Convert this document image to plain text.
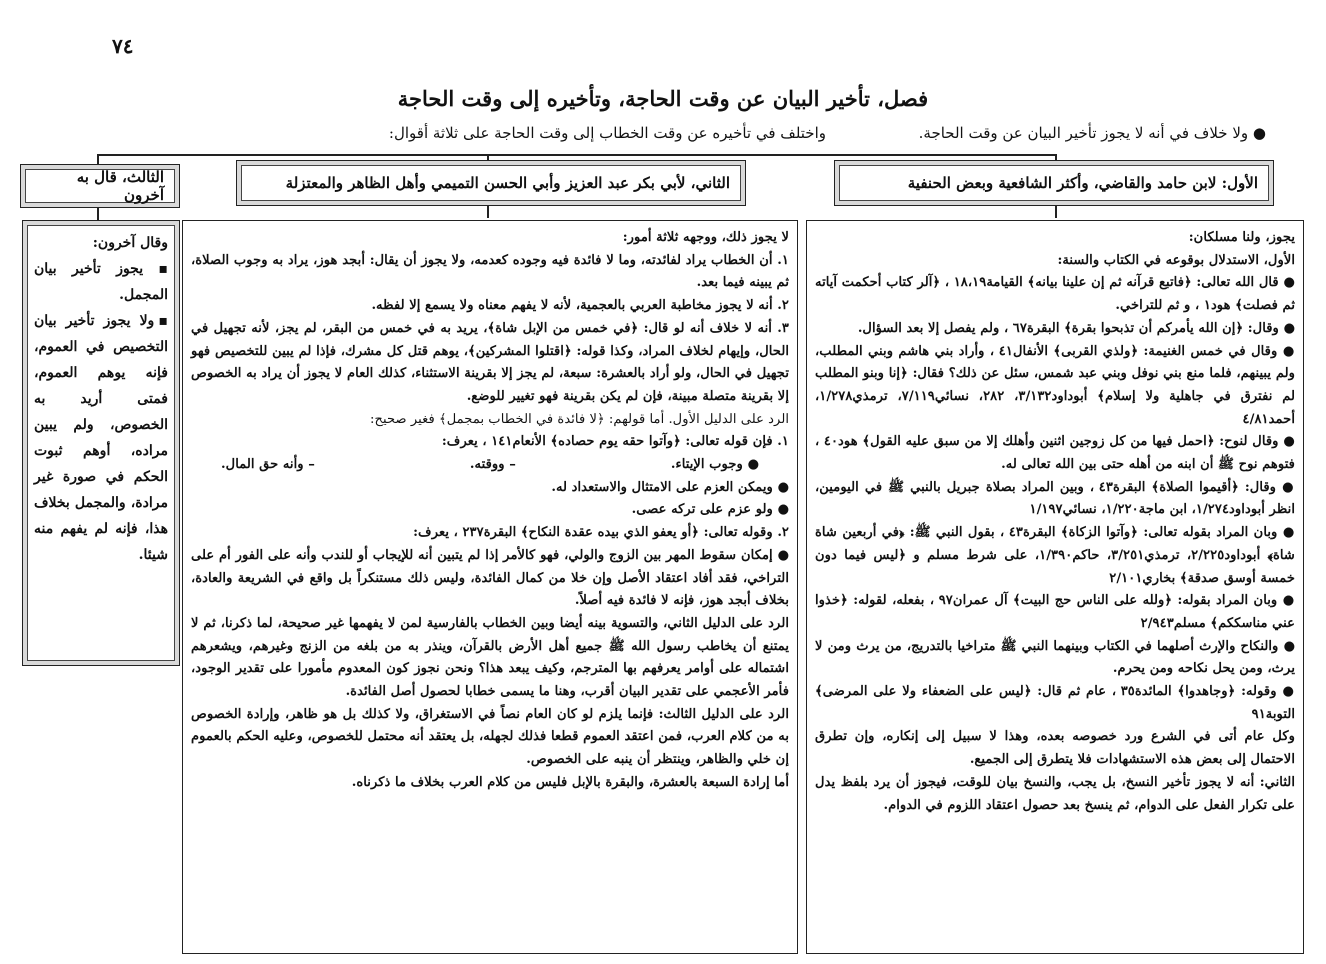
٧٤
فصل، تأخير البيان عن وقت الحاجة، وتأخيره إلى وقت الحاجة
● ولا خلاف في أنه لا يجوز تأخير البيان عن وقت الحاجة.
واختلف في تأخيره عن وقت الخطاب إلى وقت الحاجة على ثلاثة أقوال:
الثالث، قال به آخرون
الثاني، لأبي بكر عبد العزيز وأبي الحسن التميمي وأهل الظاهر والمعتزلة	الأول: لابن حامد والقاضي، وأكثر الشافعية وبعض الحنفية

وقال آخرون:

▪ يجوز تأخير بيان المجمل.

▪ولا يجوز تأخير بيان التخصيص في العموم، فإنه يوهم العموم، فمتى أريد به الخصوص، ولم يبين مراده، أوهم ثبوت الحكم في صورة غير مرادة، والمجمل بخلاف هذا، فإنه لم يفهم منه شيئا.

لا يجوز ذلك، ووجهه ثلاثة أمور:

١. أن الخطاب يراد لفائدته، وما لا فائدة فيه وجوده كعدمه، ولا يجوز أن يقال: أبجد هوز، يراد به وجوب الصلاة، ثم يبينه فيما بعد.

٢. أنه لا يجوز مخاطبة العربي بالعجمية، لأنه لا يفهم معناه ولا يسمع إلا لفظه.

٣. أنه لا خلاف أنه لو قال: ﴿في خمس من الإبل شاة﴾، يريد به في خمس من البقر، لم يجز، لأنه تجهيل في الحال، وإيهام لخلاف المراد، وكذا قوله: ﴿اقتلوا المشركين﴾، يوهم قتل كل مشرك، فإذا لم يبين للتخصيص فهو تجهيل في الحال، ولو أراد بالعشرة: سبعة، لم يجز إلا بقرينة الاستثناء، كذلك العام لا يجوز أن يراد به الخصوص إلا بقرينة متصلة مبينة، فإن لم يكن بقرينة فهو تغيير للوضع.

الرد على الدليل الأول. أما قولهم: ﴿لا فائدة في الخطاب بمجمل﴾ فغير صحيح:

١. فإن قوله تعالى: ﴿وآتوا حقه يوم حصاده﴾ الأنعام١٤١ ، يعرف:

● وجوب الإيتاء.
– ووقته.
– وأنه حق المال.

● ويمكن العزم على الامتثال والاستعداد له.

● ولو عزم على تركه عصى.

٢. وقوله تعالى: ﴿أو يعفو الذي بيده عقدة النكاح﴾ البقرة٢٣٧ ، يعرف:

● إمكان سقوط المهر بين الزوج والولي، فهو كالأمر إذا لم يتبين أنه للإيجاب أو للندب وأنه على الفور أم على التراخي، فقد أفاد اعتقاد الأصل وإن خلا من كمال الفائدة، وليس ذلك مستنكراً بل واقع في الشريعة والعادة، بخلاف أبجد هوز، فإنه لا فائدة فيه أصلاً.

الرد على الدليل الثاني، والتسوية بينه أيضا وبين الخطاب بالفارسية لمن لا يفهمها غير صحيحة، لما ذكرنا، ثم لا يمتنع أن يخاطب رسول الله ﷺ جميع أهل الأرض بالقرآن، وينذر به من بلغه من الزنج وغيرهم، ويشعرهم اشتماله على أوامر يعرفهم بها المترجم، وكيف يبعد هذا؟ ونحن نجوز كون المعدوم مأمورا على تقدير الوجود، فأمر الأعجمي على تقدير البيان أقرب، وهنا ما يسمى خطابا لحصول أصل الفائدة.

الرد على الدليل الثالث: فإنما يلزم لو كان العام نصاً في الاستغراق، ولا كذلك بل هو ظاهر، وإرادة الخصوص به من كلام العرب، فمن اعتقد العموم قطعا فذلك لجهله، بل يعتقد أنه محتمل للخصوص، وعليه الحكم بالعموم إن خلي والظاهر، وينتظر أن ينبه على الخصوص.

أما إرادة السبعة بالعشرة، والبقرة بالإبل فليس من كلام العرب بخلاف ما ذكرناه.

يجوز، ولنا مسلكان:

الأول، الاستدلال بوقوعه في الكتاب والسنة:

● قال الله تعالى: ﴿فاتبع قرآنه ثم إن علينا بيانه﴾ القيامة١٨،١٩ ، ﴿آلر كتاب أحكمت آياته ثم فصلت﴾ هود١ ، و ثم للتراخي.

● وقال: ﴿إن الله يأمركم أن تذبحوا بقرة﴾ البقرة٦٧ ، ولم يفصل إلا بعد السؤال.

● وقال في خمس الغنيمة: ﴿ولذي القربى﴾ الأنفال٤١ ، وأراد بني هاشم وبني المطلب، ولم يبينهم، فلما منع بني نوفل وبني عبد شمس، سئل عن ذلك؟ فقال: ﴿إنا وبنو المطلب لم نفترق في جاهلية ولا إسلام﴾ أبوداود٣/١٣٢، ٢٨٢، نسائي٧/١١٩، ترمذي١/٢٧٨، أحمد٤/٨١

● وقال لنوح: ﴿احمل فيها من كل زوجين اثنين وأهلك إلا من سبق عليه القول﴾ هود٤٠ ، فتوهم نوح ﷺ أن ابنه من أهله حتى بين الله تعالى له.

● وقال: ﴿أقيموا الصلاة﴾ البقرة٤٣ ، وبين المراد بصلاة جبريل بالنبي ﷺ في اليومين، انظر أبوداود١/٢٧٤، ابن ماجة١/٢٢٠، نسائي١/١٩٧

● وبان المراد بقوله تعالى: ﴿وآتوا الزكاة﴾ البقرة٤٣ ، بقول النبي ﷺ: ﴿في أربعين شاة شاة﴾ أبوداود٢/٢٢٥، ترمذي٣/٢٥١، حاكم١/٣٩٠، على شرط مسلم و ﴿ليس فيما دون خمسة أوسق صدقة﴾ بخاري٢/١٠١

● وبان المراد بقوله: ﴿ولله على الناس حج البيت﴾ آل عمران٩٧ ، بفعله، لقوله: ﴿خذوا عني مناسككم﴾ مسلم٢/٩٤٣

● والنكاح والإرث أصلهما في الكتاب وبينهما النبي ﷺ متراخيا بالتدريج، من يرث ومن لا يرث، ومن يحل نكاحه ومن يحرم.

● وقوله: ﴿وجاهدوا﴾ المائدة٣٥ ، عام ثم قال: ﴿ليس على الضعفاء ولا على المرضى﴾ التوبة٩١

وكل عام أتى في الشرع ورد خصوصه بعده، وهذا لا سبيل إلى إنكاره، وإن تطرق الاحتمال إلى بعض هذه الاستشهادات فلا يتطرق إلى الجميع.

الثاني: أنه لا يجوز تأخير النسخ، بل يجب، والنسخ بيان للوقت، فيجوز أن يرد بلفظ يدل على تكرار الفعل على الدوام، ثم ينسخ بعد حصول اعتقاد اللزوم في الدوام.
